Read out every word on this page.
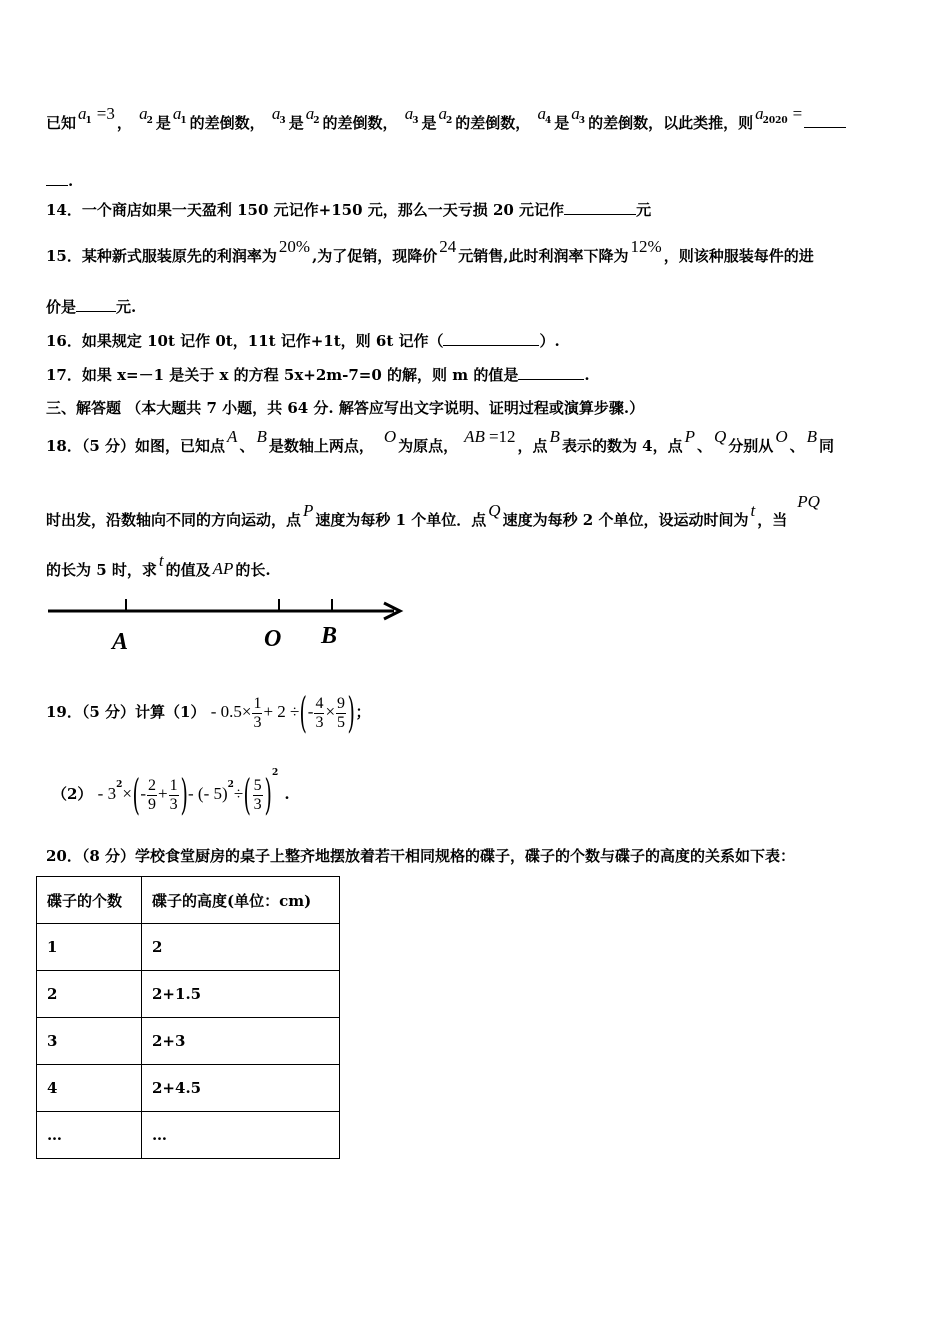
已知 $a_1 =3$ ， $a_2$ 是 $a_1$ 的差倒数， $a_3$ 是 $a_2$ 的差倒数， $a_3$ 是 $a_2$ 的差倒数， $a_4$ 是 $a_3$ 的差倒数，以此类推，则 $a_{2020}$ =
.
14．一个商店如果一天盈利 150 元记作+150 元，那么一天亏损 20 元记作	元
15．某种新式服装原先的利润率为 20% ,为了促销，现降价 24 元销售,此时利润率下降为 12% ，则该种服装每件的进
价是	元.
16．如果规定 10t 记作 0t，11t 记作+1t，则 6t 记作（	）.
17．如果 x=－1 是关于 x 的方程 5x+2m-7=0 的解，则 m 的值是	.
三、解答题 （本大题共 7 小题，共 64 分. 解答应写出文字说明、证明过程或演算步骤.）
18．（5 分）如图，已知点 A 、 B 是数轴上两点， O 为原点， AB =12 ，点 B 表示的数为 4，点 P 、 Q 分别从 O 、 B 同
时出发，沿数轴向不同的方向运动，点 P 速度为每秒 1 个单位．点 Q 速度为每秒 2 个单位，设运动时间为 t ，当PQ
的长为 5 时，求 t 的值及 AP 的长.
A	O B
19．（5 分）计算$(1) - 0.5\times \frac{1}{3} + 2$ ÷(- $\frac{4}{3} \times \frac{9}{5}$ )；
$(2) - 3^2\times(- \frac{2}{9} + \frac{1}{3}$ )- (- $5)^2\div( \frac{5}{3} )^2$.
20．（8 分）学校食堂厨房的桌子上整齐地摆放着若干相同规格的碟子，碟子的个数与碟子的高度的关系如下表：
碟子的个数	碟子的高度(单位：cm)
1	2
2	2+1.5
3	2+3
4	2+4.5
…	…
